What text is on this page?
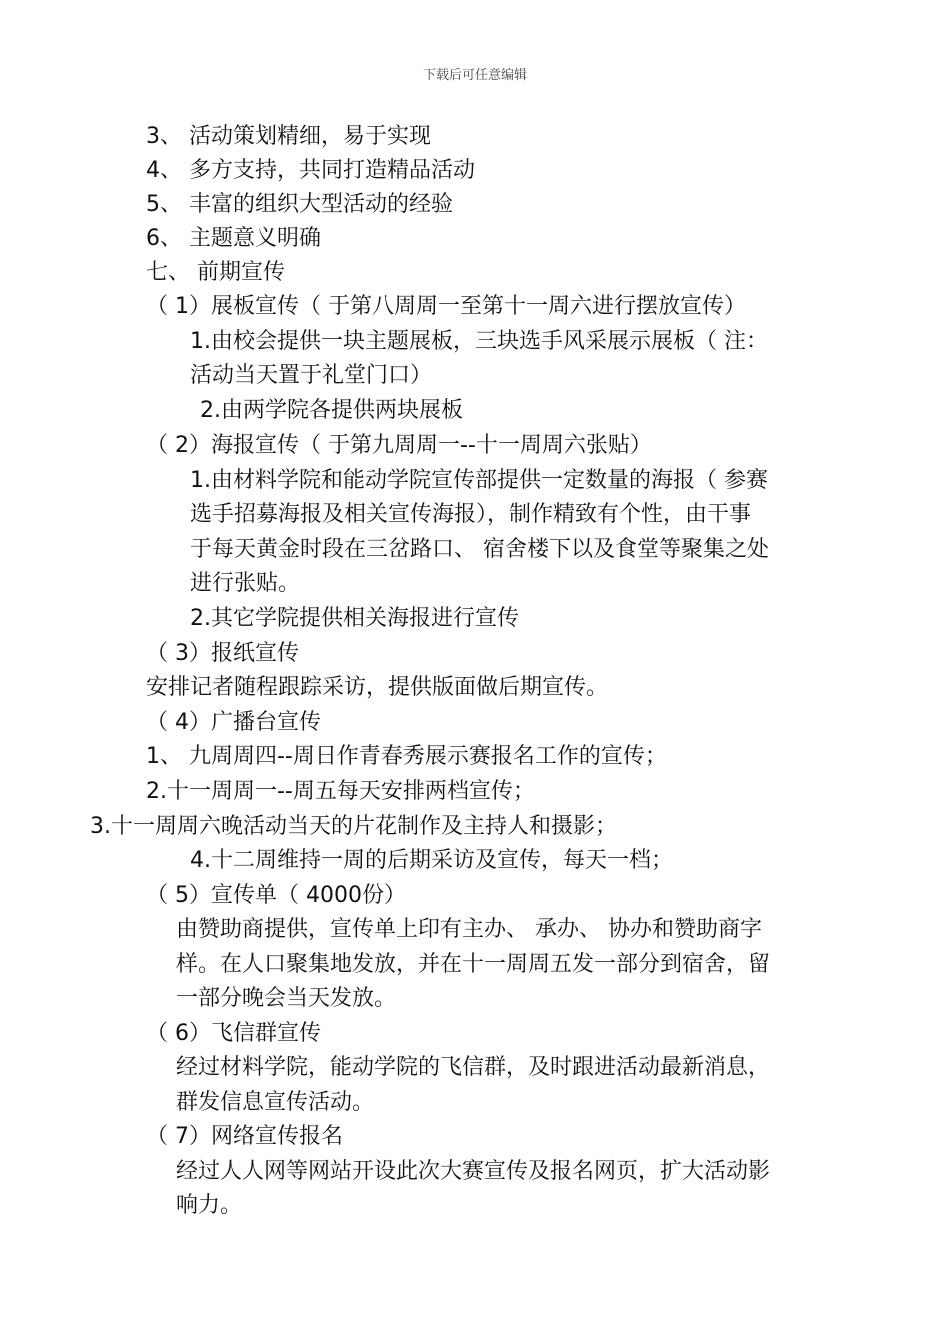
下载后可任意编辑
3、 活动策划精细，易于实现
4、 多方支持，共同打造精品活动
5、 丰富的组织大型活动的经验
6、 主题意义明确
七、 前期宣传
（ 1）展板宣传（ 于第八周周一至第十一周六进行摆放宣传）
1.由校会提供一块主题展板，三块选手风采展示展板（ 注：
活动当天置于礼堂门口）
2.由两学院各提供两块展板
（ 2）海报宣传（ 于第九周周一--十一周周六张贴）
1.由材料学院和能动学院宣传部提供一定数量的海报（ 参赛
选手招募海报及相关宣传海报），制作精致有个性，由干事
于每天黄金时段在三岔路口、 宿舍楼下以及食堂等聚集之处
进行张贴。
2.其它学院提供相关海报进行宣传
（ 3）报纸宣传
安排记者随程跟踪采访，提供版面做后期宣传。
（ 4）广播台宣传
1、 九周周四--周日作青春秀展示赛报名工作的宣传；
2.十一周周一--周五每天安排两档宣传；
3.十一周周六晚活动当天的片花制作及主持人和摄影；
4.十二周维持一周的后期采访及宣传，每天一档；
（ 5）宣传单（ 4000份）
由赞助商提供，宣传单上印有主办、 承办、 协办和赞助商字
样。在人口聚集地发放，并在十一周周五发一部分到宿舍，留
一部分晚会当天发放。
（ 6）飞信群宣传
经过材料学院，能动学院的飞信群，及时跟进活动最新消息，
群发信息宣传活动。
（ 7）网络宣传报名
经过人人网等网站开设此次大赛宣传及报名网页，扩大活动影
响力。
